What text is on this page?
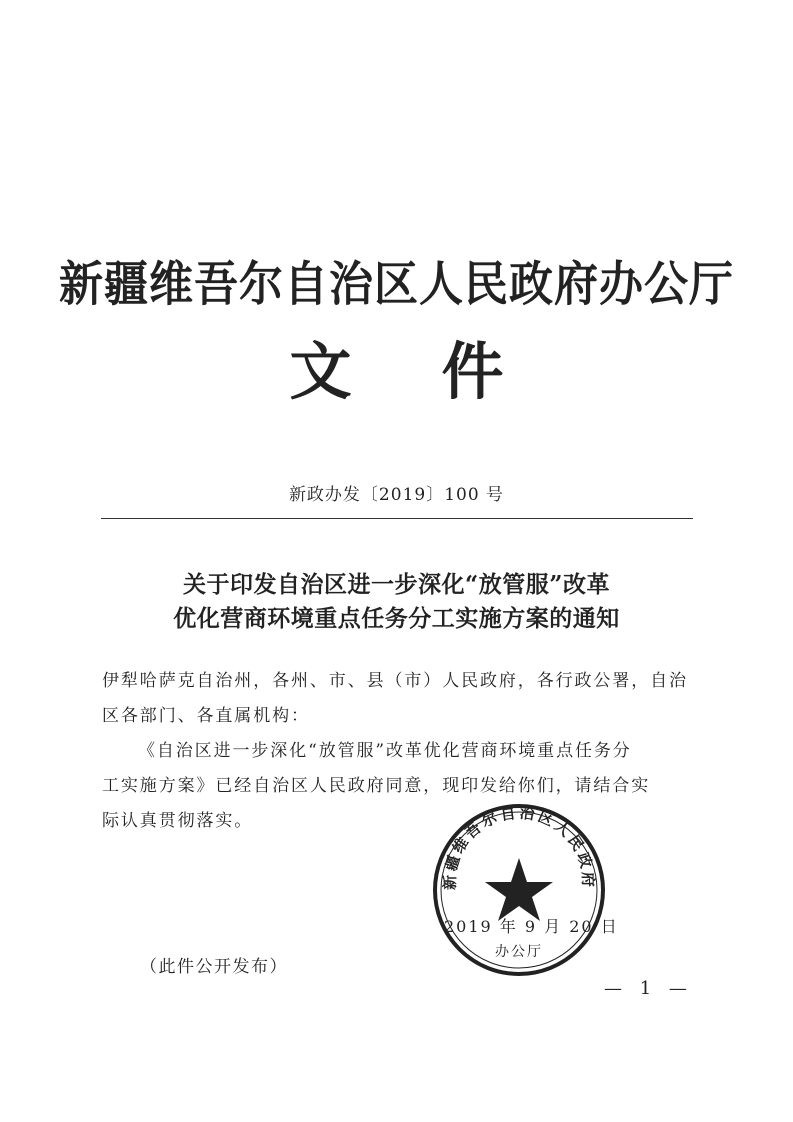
新疆维吾尔自治区人民政府办公厅
文 件
新政办发〔2019〕100 号
关于印发自治区进一步深化“放管服”改革
优化营商环境重点任务分工实施方案的通知
伊犁哈萨克自治州，各州、市、县（市）人民政府，各行政公署，自治
区各部门、各直属机构：
《自治区进一步深化“放管服”改革优化营商环境重点任务分
工实施方案》已经自治区人民政府同意，现印发给你们，请结合实
际认真贯彻落实。
新疆维吾尔自治区人民政府
办公厅
2019 年 9 月 20 日
（此件公开发布）
— 1 —
